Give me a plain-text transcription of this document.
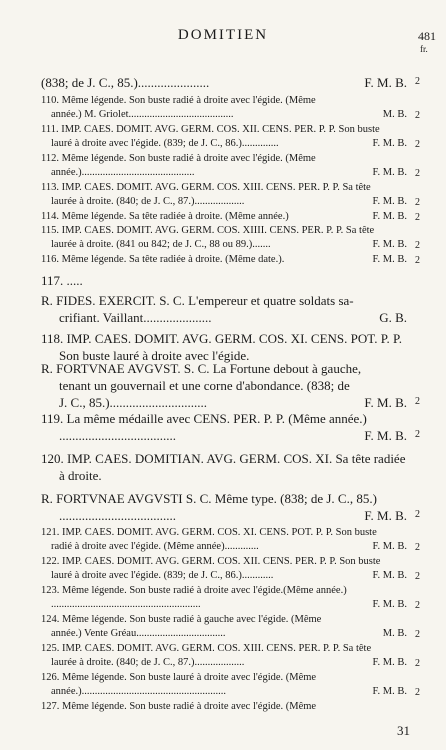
DOMITIEN	481
fr.
F. M. B.
(838; de J. C., 85.)......................
110. Même légende. Son buste radié à droite avec l'égide. (Même
M. B.
année.) M. Griolet........................................
111. IMP. CAES. DOMIT. AVG. GERM. COS. XII. CENS. PER. P. P. Son buste
F. M. B.
lauré à droite avec l'égide. (839; de J. C., 86.)..............
112. Même légende. Son buste radié à droite avec l'égide. (Même
F. M. B.
année.)...........................................
113. IMP. CAES. DOMIT. AVG. GERM. COS. XIII. CENS. PER. P. P. Sa tête
F. M. B.
laurée à droite. (840; de J. C., 87.)...................
F. M. B.
114. Même légende. Sa tête radiée à droite. (Même année.)
115. IMP. CAES. DOMIT. AVG. GERM. COS. XIIII. CENS. PER. P. P. Sa tête
F. M. B.
laurée à droite. (841 ou 842; de J. C., 88 ou 89.).......
F. M. B.
116. Même légende. Sa tête radiée à droite. (Même date.).
117. .....
R. FIDES. EXERCIT. S. C. L'empereur et quatre soldats sa-
G. B.
crifiant. Vaillant.....................
118. IMP. CAES. DOMIT. AVG. GERM. COS. XI. CENS. POT. P. P.
Son buste lauré à droite avec l'égide.
R. FORTVNAE AVGVST. S. C. La Fortune debout à gauche,
tenant un gouvernail et une corne d'abondance. (838; de
F. M. B.
J. C., 85.)..............................
119. La même médaille avec CENS. PER. P. P. (Même année.)
F. M. B.
....................................
120. IMP. CAES. DOMITIAN. AVG. GERM. COS. XI. Sa tête radiée
à droite.
R. FORTVNAE AVGVSTI S. C. Même type. (838; de J. C., 85.)
F. M. B.
....................................
121. IMP. CAES. DOMIT. AVG. GERM. COS. XI. CENS. POT. P. P. Son buste
F. M. B.
radié à droite avec l'égide. (Même année).............
122. IMP. CAES. DOMIT. AVG. GERM. COS. XII. CENS. PER. P. P. Son buste
F. M. B.
lauré à droite avec l'égide. (839; de J. C., 86.)............
123. Même légende. Son buste radié à droite avec l'égide.(Même année.)
F. M. B.
.........................................................
124. Même légende. Son buste radié à gauche avec l'égide. (Même
M. B.
année.) Vente Gréau..................................
125. IMP. CAES. DOMIT. AVG. GERM. COS. XIII. CENS. PER. P. P. Sa tête
F. M. B.
laurée à droite. (840; de J. C., 87.)...................
126. Même légende. Son buste lauré à droite avec l'égide. (Même
F. M. B.
année.).......................................................
127. Même légende. Son buste radié à droite avec l'égide. (Même
31
2
2
2
2
2
2
2
2
2
2
2
2
2
2
2
2
2
